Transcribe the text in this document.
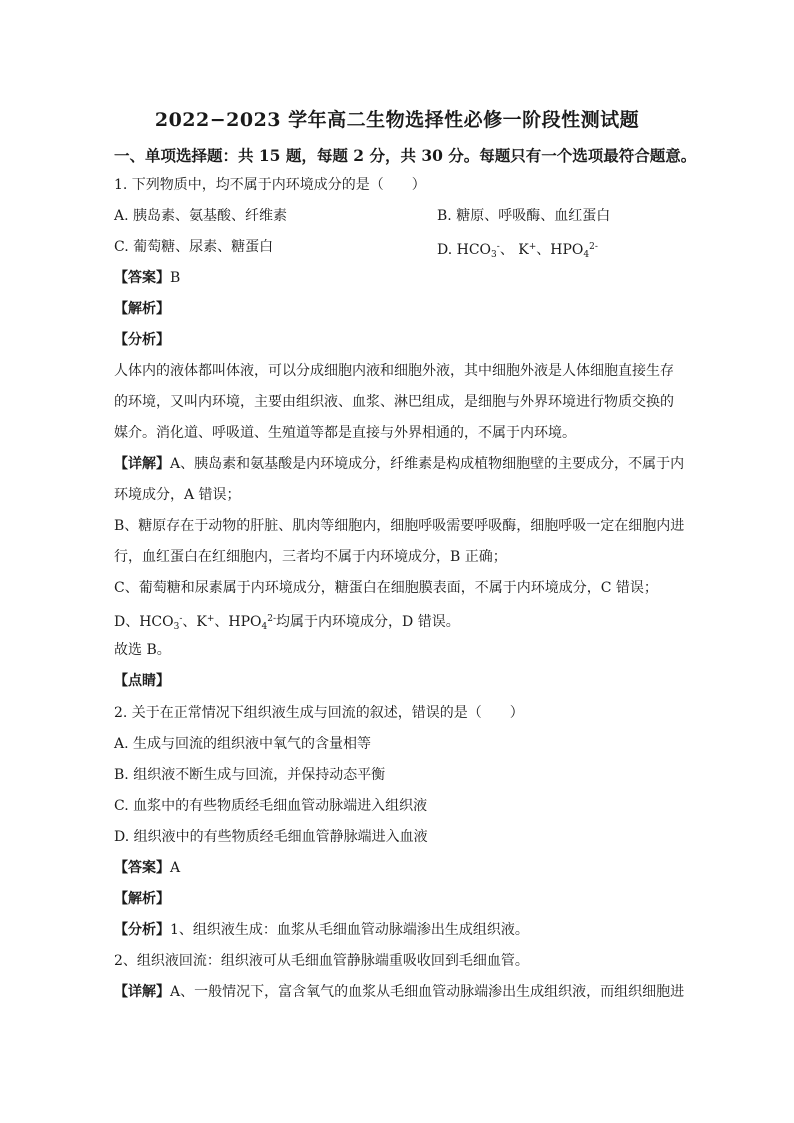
2022−2023 学年高二生物选择性必修一阶段性测试题
一、单项选择题：共 15 题，每题 2 分，共 30 分。每题只有一个选项最符合题意。
1. 下列物质中，均不属于内环境成分的是（　　）
A. 胰岛素、氨基酸、纤维素	B. 糖原、呼吸酶、血红蛋白
C. 葡萄糖、尿素、糖蛋白	D. $HCO_3^-$、 K+、$HPO_4^{2-}$
【答案】B
【解析】
【分析】
人体内的液体都叫体液，可以分成细胞内液和细胞外液，其中细胞外液是人体细胞直接生存
的环境，又叫内环境，主要由组织液、血浆、淋巴组成，是细胞与外界环境进行物质交换的
媒介。消化道、呼吸道、生殖道等都是直接与外界相通的，不属于内环境。
【详解】A、胰岛素和氨基酸是内环境成分，纤维素是构成植物细胞壁的主要成分，不属于内
环境成分，A 错误；
B、糖原存在于动物的肝脏、肌肉等细胞内，细胞呼吸需要呼吸酶，细胞呼吸一定在细胞内进
行，血红蛋白在红细胞内，三者均不属于内环境成分，B 正确；
C、葡萄糖和尿素属于内环境成分，糖蛋白在细胞膜表面，不属于内环境成分，C 错误；
D、$HCO_3^-$、K+、$HPO_4^{2-}$均属于内环境成分，D 错误。
故选 B。
【点睛】
2. 关于在正常情况下组织液生成与回流的叙述，错误的是（　　）
A. 生成与回流的组织液中氧气的含量相等
B. 组织液不断生成与回流，并保持动态平衡
C. 血浆中的有些物质经毛细血管动脉端进入组织液
D. 组织液中的有些物质经毛细血管静脉端进入血液
【答案】A
【解析】
【分析】1、组织液生成：血浆从毛细血管动脉端渗出生成组织液。
2、组织液回流：组织液可从毛细血管静脉端重吸收回到毛细血管。
【详解】A、一般情况下，富含氧气的血浆从毛细血管动脉端渗出生成组织液，而组织细胞进
